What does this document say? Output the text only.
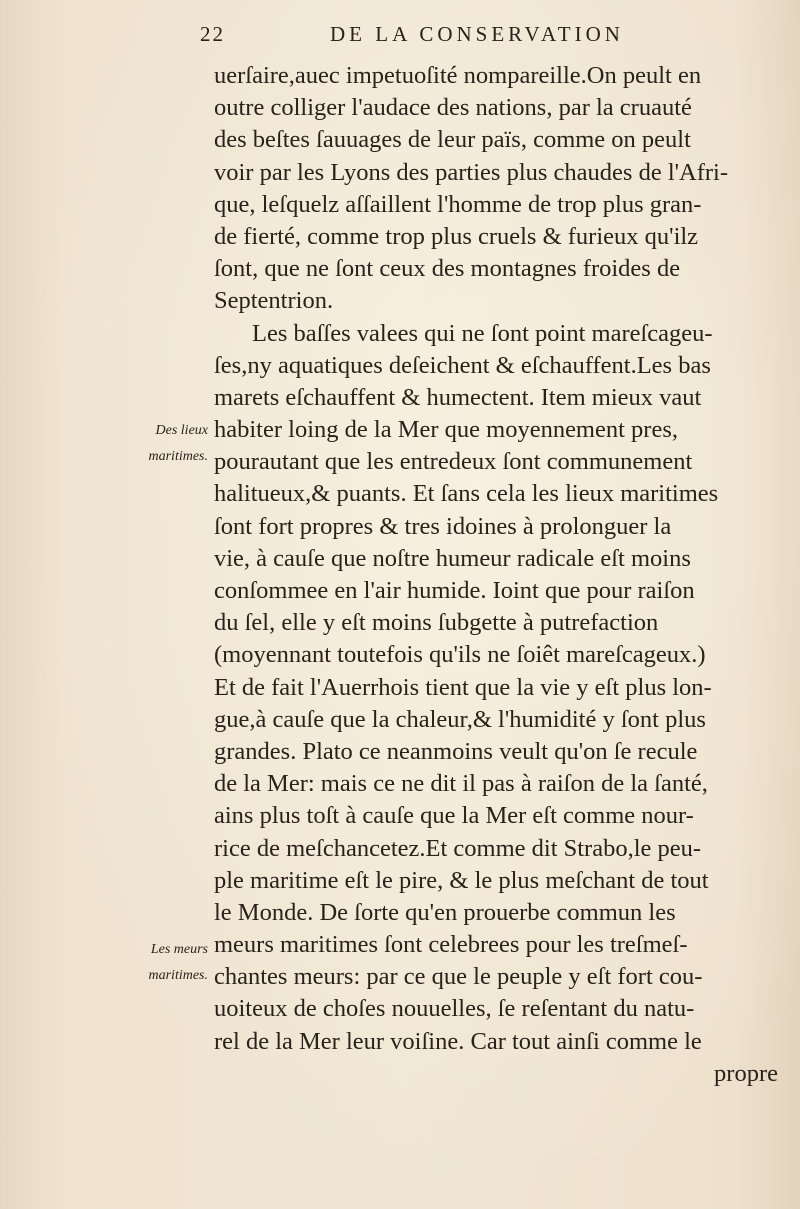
22	DE LA CONSERVATION
Des lieux
maritimes.
Les meurs
maritimes.
uerſaire,auec impetuoſité nompareille.On peult en
outre colliger l'audace des nations, par la cruauté
des beſtes ſauuages de leur païs, comme on peult
voir par les Lyons des parties plus chaudes de l'Afri-
que, leſquelz aſſaillent l'homme de trop plus gran-
de fierté, comme trop plus cruels & furieux qu'ilz
ſont, que ne ſont ceux des montagnes froides de
Septentrion.
Les baſſes valees qui ne ſont point mareſcageu-
ſes,ny aquatiques deſeichent & eſchauffent.Les bas
marets eſchauffent & humectent. Item mieux vaut
habiter loing de la Mer que moyennement pres,
pourautant que les entredeux ſont communement
halitueux,& puants. Et ſans cela les lieux maritimes
ſont fort propres & tres idoines à prolonguer la
vie, à cauſe que noſtre humeur radicale eſt moins
conſommee en l'air humide. Ioint que pour raiſon
du ſel, elle y eſt moins ſubgette à putrefaction
(moyennant toutefois qu'ils ne ſoiêt mareſcageux.)
Et de fait l'Auerrhois tient que la vie y eſt plus lon-
gue,à cauſe que la chaleur,& l'humidité y ſont plus
grandes. Plato ce neanmoins veult qu'on ſe recule
de la Mer: mais ce ne dit il pas à raiſon de la ſanté,
ains plus toſt à cauſe que la Mer eſt comme nour-
rice de meſchancetez.Et comme dit Strabo,le peu-
ple maritime eſt le pire, & le plus meſchant de tout
le Monde. De ſorte qu'en prouerbe commun les
meurs maritimes ſont celebrees pour les treſmeſ-
chantes meurs: par ce que le peuple y eſt fort cou-
uoiteux de choſes nouuelles, ſe reſentant du natu-
rel de la Mer leur voiſine. Car tout ainſi comme le
propre
